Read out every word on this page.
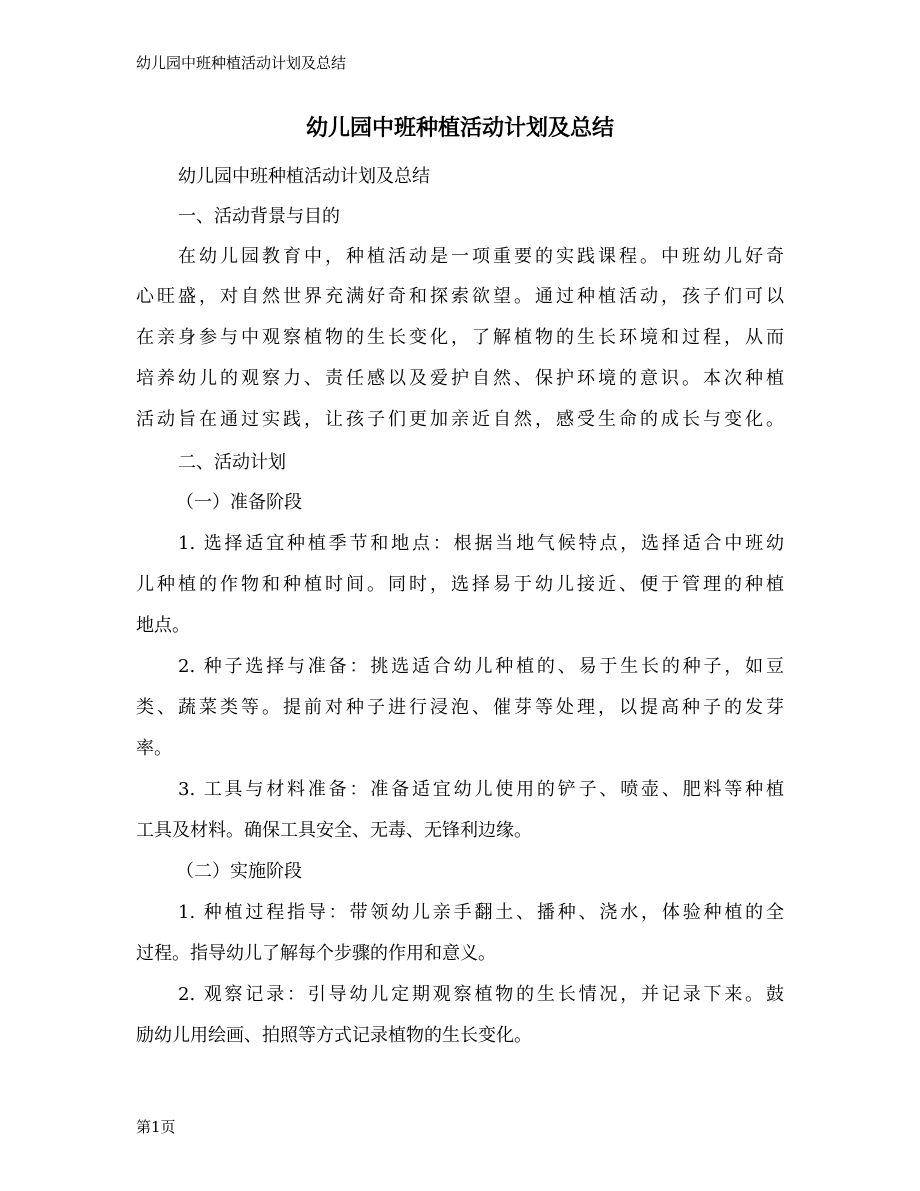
幼儿园中班种植活动计划及总结
幼儿园中班种植活动计划及总结
幼儿园中班种植活动计划及总结
一、活动背景与目的
在幼儿园教育中，种植活动是一项重要的实践课程。中班幼儿好奇
心旺盛，对自然世界充满好奇和探索欲望。通过种植活动，孩子们可以
在亲身参与中观察植物的生长变化，了解植物的生长环境和过程，从而
培养幼儿的观察力、责任感以及爱护自然、保护环境的意识。本次种植
活动旨在通过实践，让孩子们更加亲近自然，感受生命的成长与变化。
二、活动计划
（一）准备阶段
1. 选择适宜种植季节和地点：根据当地气候特点，选择适合中班幼
儿种植的作物和种植时间。同时，选择易于幼儿接近、便于管理的种植
地点。
2. 种子选择与准备：挑选适合幼儿种植的、易于生长的种子，如豆
类、蔬菜类等。提前对种子进行浸泡、催芽等处理，以提高种子的发芽
率。
3. 工具与材料准备：准备适宜幼儿使用的铲子、喷壶、肥料等种植
工具及材料。确保工具安全、无毒、无锋利边缘。
（二）实施阶段
1. 种植过程指导：带领幼儿亲手翻土、播种、浇水，体验种植的全
过程。指导幼儿了解每个步骤的作用和意义。
2. 观察记录：引导幼儿定期观察植物的生长情况，并记录下来。鼓
励幼儿用绘画、拍照等方式记录植物的生长变化。
第1页
